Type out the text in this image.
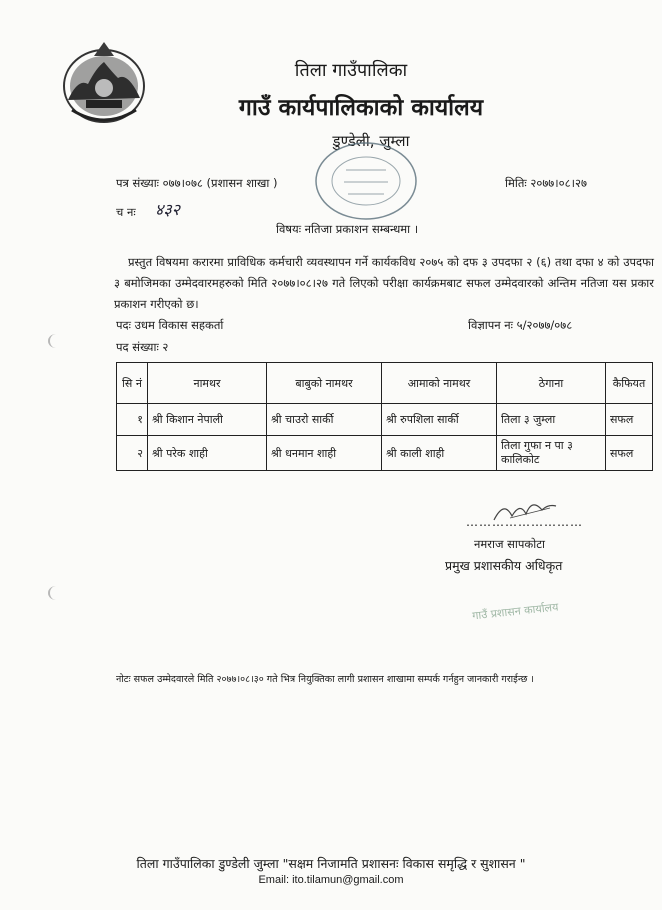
तिला गाउँपालिका
गाउँ कार्यपालिकाको कार्यालय
डुण्डेली, जुम्ला
पत्र संख्याः ०७७।०७८ (प्रशासन शाखा )	मितिः २०७७।०८।२७
च नः ४३२
विषयः नतिजा प्रकाशन सम्बन्धमा ।
प्रस्तुत विषयमा करारमा प्राविधिक कर्मचारी व्यवस्थापन गर्ने कार्यकविध २०७५ को दफ ३ उपदफा २ (६) तथा दफा ४ को उपदफा ३ बमोजिमका उम्मेदवारमहरुको मिति २०७७।०८।२७ गते लिएको परीक्षा कार्यक्रमबाट सफल उम्मेदवारको अन्तिम नतिजा यस प्रकार प्रकाशन गरीएको छ।
पदः उधम विकास सहकर्ता	विज्ञापन नः ५/२०७७/०७८
पद संख्याः २
सि नं	नामथर	बाबुको नामथर	आमाको नामथर	ठेगाना	कैफियत
१	श्री किशान नेपाली	श्री चाउरो सार्की	श्री रुपशिला सार्की	तिला ३ जुम्ला	सफल
२	श्री परेक शाही	श्री धनमान शाही	श्री काली शाही	तिला गुफा न पा ३ कालिकोट	सफल
………………………
नमराज सापकोटा
प्रमुख प्रशासकीय अधिकृत
गाउँ प्रशासन कार्यालय
नोटः सफल उम्मेदवारले मिति २०७७।०८।३० गते भित्र नियुक्तिका लागी प्रशासन शाखामा सम्पर्क गर्नहुन जानकारी गराईन्छ ।
तिला गाउँपालिका डुण्डेली जुम्ला "सक्षम निजामति प्रशासनः विकास समृद्धि र सुशासन "
Email: ito.tilamun@gmail.com
